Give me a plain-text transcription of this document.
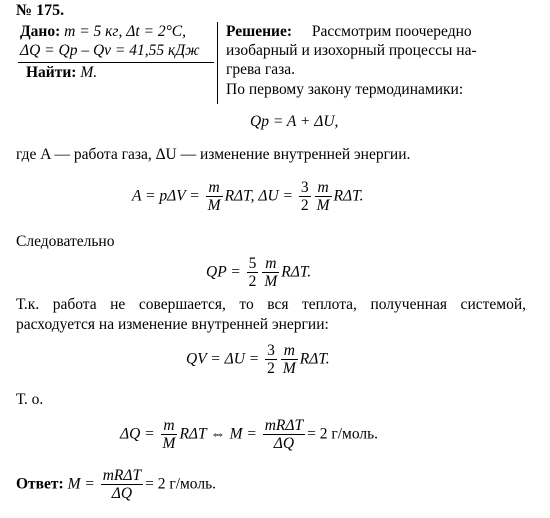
№ 175.
Дано: m = 5 кг, Δt = 2°C,
ΔQ = Qp – Qv = 41,55 кДж
Найти: M.
Решение: Рассмотрим поочередно
изобарный и изохорный процессы на-
грева газа.
По первому закону термодинамики:
Qp = A + ΔU,
где A — работа газа, ΔU — изменение внутренней энергии.
$A = p\Delta V = \frac{m}{M} R\Delta T$, $\Delta U = \frac{3}{2} \frac{m}{M} R\Delta T$.
Следовательно
QP = $\frac{5}{2} \frac{m}{M} R\Delta T$.
Т.к. работа не совершается, то вся теплота, полученная системой,
расходуется на изменение внутренней энергии:
QV = $\Delta U = \frac{3}{2} \frac{m}{M} R\Delta T$.
Т. о.
$\Delta Q = \frac{m}{M}$ RΔT ⇔ $M = \frac{\text{mRΔT}}{\Delta Q} = 2$ г/моль.
Ответ: $M = \frac{\text{mRΔT}}{\Delta Q} = 2$ г/моль.
